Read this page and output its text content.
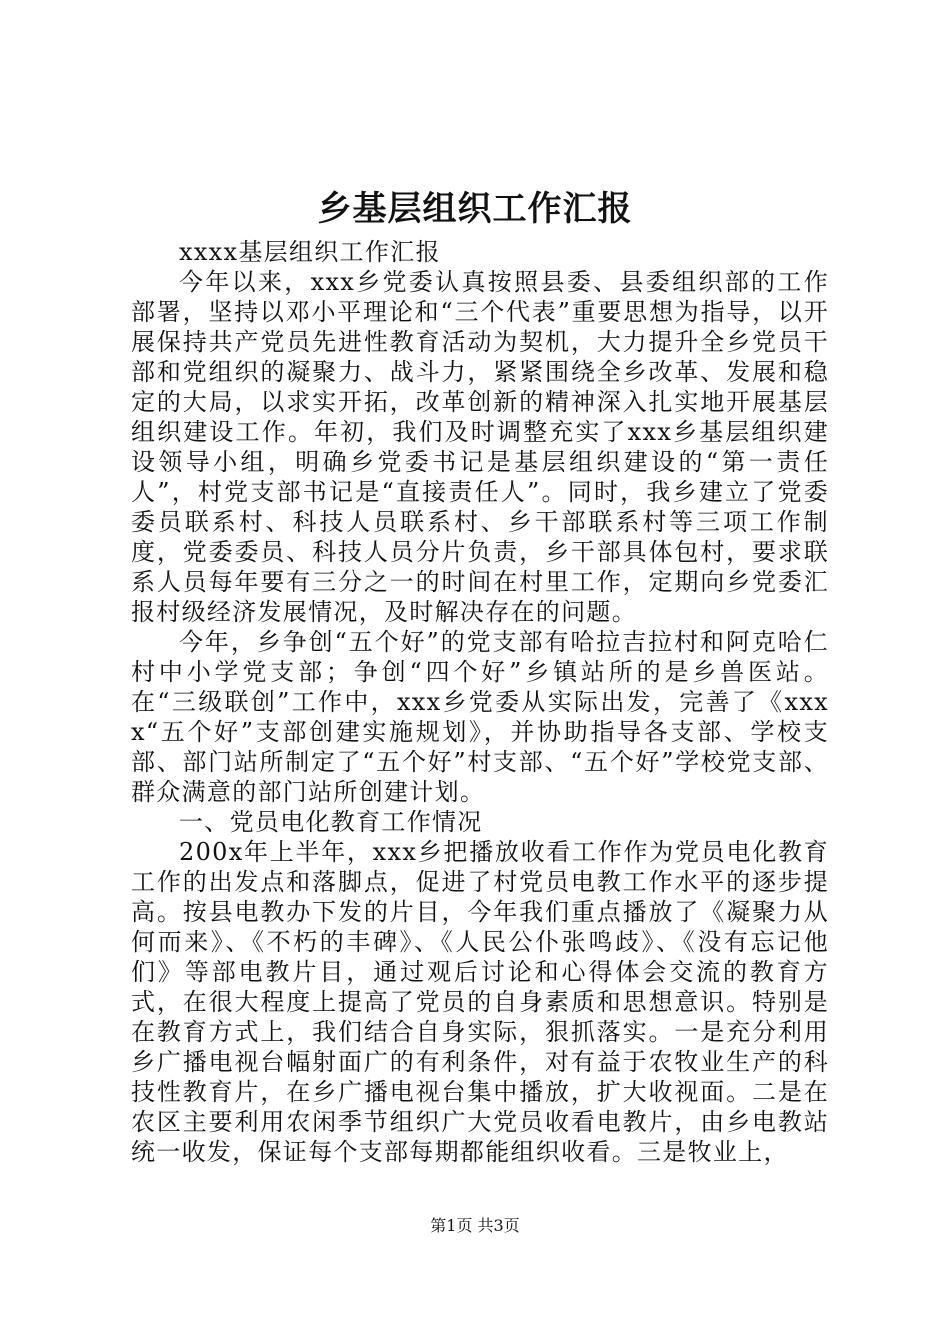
乡基层组织工作汇报

xxxx基层组织工作汇报

今年以来，xxx乡党委认真按照县委、县委组织部的工作部署，坚持以邓小平理论和“三个代表”重要思想为指导，以开展保持共产党员先进性教育活动为契机，大力提升全乡党员干部和党组织的凝聚力、战斗力，紧紧围绕全乡改革、发展和稳定的大局，以求实开拓，改革创新的精神深入扎实地开展基层组织建设工作。年初，我们及时调整充实了xxx乡基层组织建设领导小组，明确乡党委书记是基层组织建设的“第一责任人”，村党支部书记是“直接责任人”。同时，我乡建立了党委委员联系村、科技人员联系村、乡干部联系村等三项工作制度，党委委员、科技人员分片负责，乡干部具体包村，要求联系人员每年要有三分之一的时间在村里工作，定期向乡党委汇报村级经济发展情况，及时解决存在的问题。

今年，乡争创“五个好”的党支部有哈拉吉拉村和阿克哈仁村中小学党支部；争创“四个好”乡镇站所的是乡兽医站。在“三级联创”工作中，xxx乡党委从实际出发，完善了《xxxx“五个好”支部创建实施规划》，并协助指导各支部、学校支部、部门站所制定了“五个好”村支部、“五个好”学校党支部、群众满意的部门站所创建计划。

一、党员电化教育工作情况

200x年上半年，xxx乡把播放收看工作作为党员电化教育工作的出发点和落脚点，促进了村党员电教工作水平的逐步提高。按县电教办下发的片目，今年我们重点播放了《凝聚力从何而来》、《不朽的丰碑》、《人民公仆张鸣歧》、《没有忘记他们》等部电教片目，通过观后讨论和心得体会交流的教育方式，在很大程度上提高了党员的自身素质和思想意识。特别是在教育方式上，我们结合自身实际，狠抓落实。一是充分利用乡广播电视台幅射面广的有利条件，对有益于农牧业生产的科技性教育片，在乡广播电视台集中播放，扩大收视面。二是在农区主要利用农闲季节组织广大党员收看电教片，由乡电教站统一收发，保证每个支部每期都能组织收看。三是牧业上，

第1页 共3页
